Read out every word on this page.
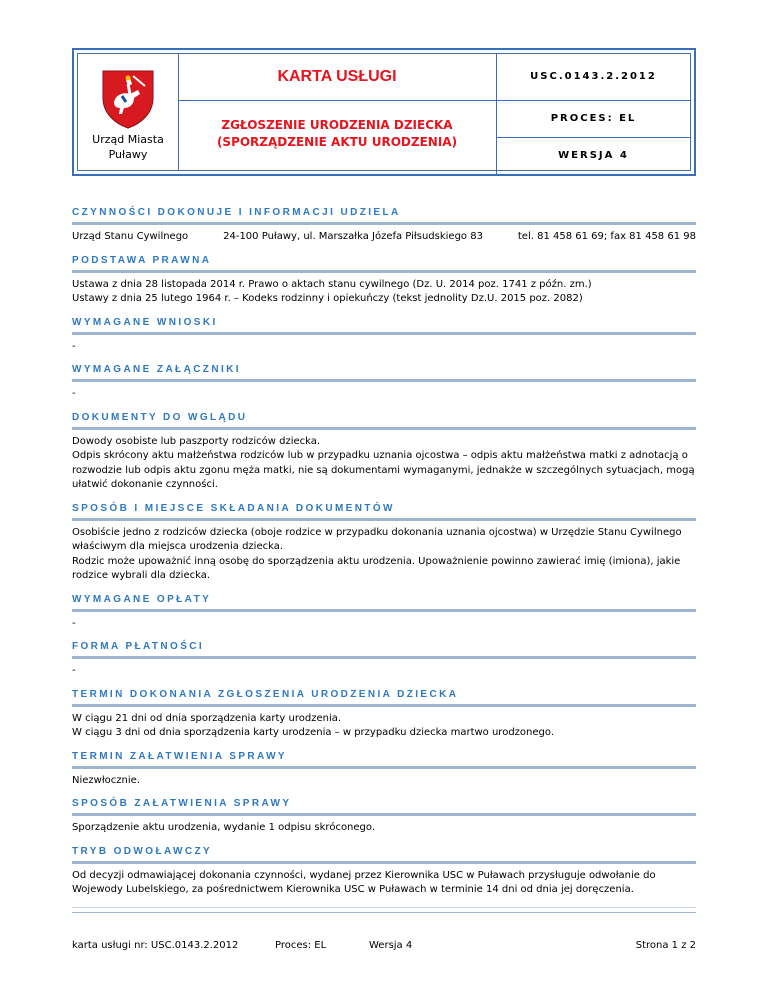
Urząd Miasta
Puławy
KARTA USŁUGI
ZGŁOSZENIE URODZENIA DZIECKA
(SPORZĄDZENIE AKTU URODZENIA)
USC.0143.2.2012
PROCES: EL
WERSJA 4
CZYNNOŚCI DOKONUJE I INFORMACJI UDZIELA
Urząd Stanu Cywilnego	24-100 Puławy, ul. Marszałka Józefa Piłsudskiego 83	tel. 81 458 61 69; fax 81 458 61 98
PODSTAWA PRAWNA

Ustawa z dnia 28 listopada 2014 r. Prawo o aktach stanu cywilnego (Dz. U. 2014 poz. 1741 z późn. zm.)

Ustawy z dnia 25 lutego 1964 r. – Kodeks rodzinny i opiekuńczy (tekst jednolity Dz.U. 2015 poz. 2082)

WYMAGANE WNIOSKI
-
WYMAGANE ZAŁĄCZNIKI
-
DOKUMENTY DO WGLĄDU

Dowody osobiste lub paszporty rodziców dziecka.

Odpis skrócony aktu małżeństwa rodziców lub w przypadku uznania ojcostwa – odpis aktu małżeństwa matki z adnotacją o rozwodzie lub odpis aktu zgonu męża matki, nie są dokumentami wymaganymi, jednakże w szczególnych sytuacjach, mogą ułatwić dokonanie czynności.

SPOSÓB I MIEJSCE SKŁADANIA DOKUMENTÓW

Osobiście jedno z rodziców dziecka (oboje rodzice w przypadku dokonania uznania ojcostwa) w Urzędzie Stanu Cywilnego właściwym dla miejsca urodzenia dziecka.

Rodzic może upoważnić inną osobę do sporządzenia aktu urodzenia. Upoważnienie powinno zawierać imię (imiona), jakie rodzice wybrali dla dziecka.

WYMAGANE OPŁATY
-
FORMA PŁATNOŚCI
-
TERMIN DOKONANIA ZGŁOSZENIA URODZENIA DZIECKA

W ciągu 21 dni od dnia sporządzenia karty urodzenia.

W ciągu 3 dni od dnia sporządzenia karty urodzenia – w przypadku dziecka martwo urodzonego.

TERMIN ZAŁATWIENIA SPRAWY
Niezwłocznie.
SPOSÓB ZAŁATWIENIA SPRAWY
Sporządzenie aktu urodzenia, wydanie 1 odpisu skróconego.
TRYB ODWOŁAWCZY
Od decyzji odmawiającej dokonania czynności, wydanej przez Kierownika USC w Puławach przysługuje odwołanie do Wojewody Lubelskiego, za pośrednictwem Kierownika USC w Puławach w terminie 14 dni od dnia jej doręczenia.
karta usługi nr: USC.0143.2.2012	Proces: EL	Wersja 4	Strona 1 z 2
